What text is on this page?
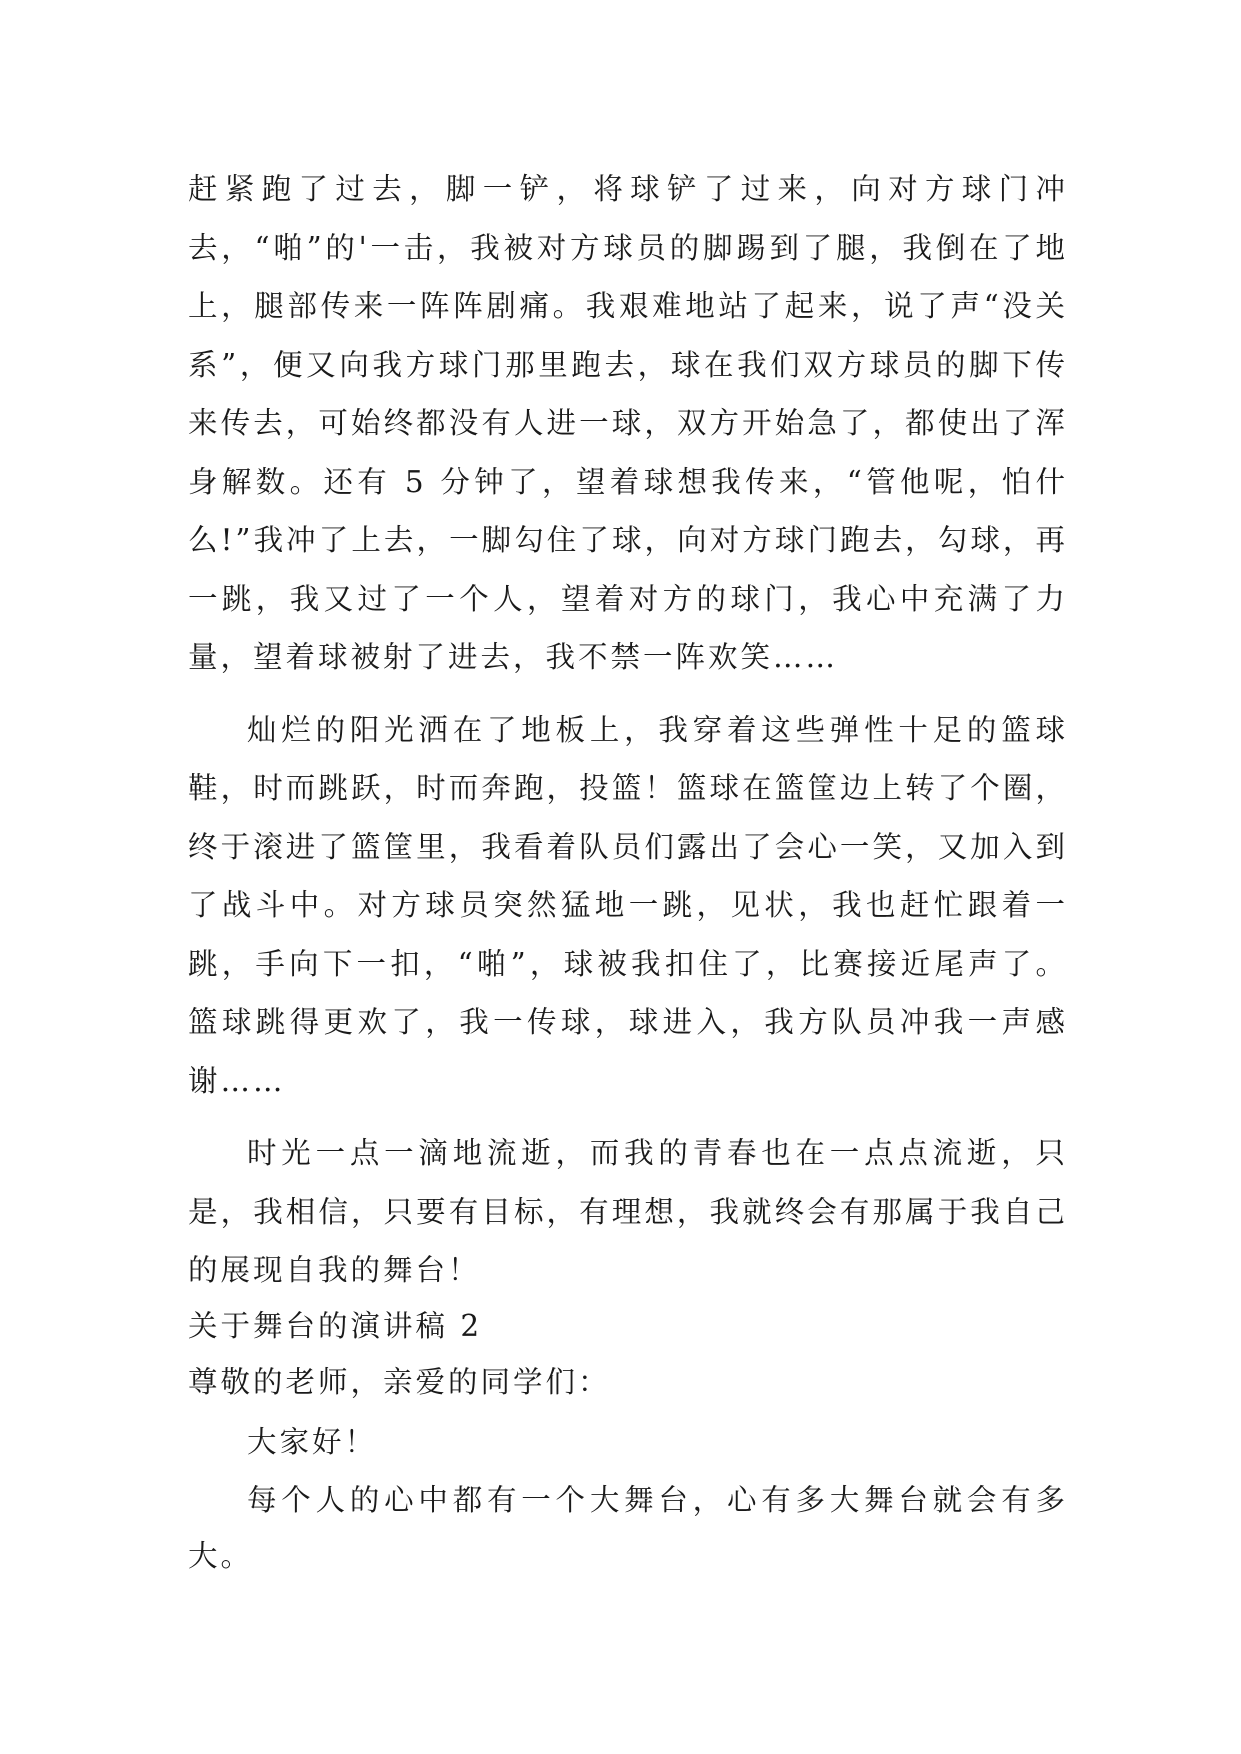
赶紧跑了过去，脚一铲，将球铲了过来，向对方球门冲去，“啪”的'一击，我被对方球员的脚踢到了腿，我倒在了地上，腿部传来一阵阵剧痛。我艰难地站了起来，说了声“没关系”，便又向我方球门那里跑去，球在我们双方球员的脚下传来传去，可始终都没有人进一球，双方开始急了，都使出了浑身解数。还有 5 分钟了，望着球想我传来，“管他呢，怕什么!”我冲了上去，一脚勾住了球，向对方球门跑去，勾球，再一跳，我又过了一个人，望着对方的球门，我心中充满了力量，望着球被射了进去，我不禁一阵欢笑……

灿烂的阳光洒在了地板上，我穿着这些弹性十足的篮球鞋，时而跳跃，时而奔跑，投篮！篮球在篮筐边上转了个圈，终于滚进了篮筐里，我看着队员们露出了会心一笑，又加入到了战斗中。对方球员突然猛地一跳，见状，我也赶忙跟着一跳，手向下一扣，“啪”，球被我扣住了，比赛接近尾声了。篮球跳得更欢了，我一传球，球进入，我方队员冲我一声感谢……

时光一点一滴地流逝，而我的青春也在一点点流逝，只是，我相信，只要有目标，有理想，我就终会有那属于我自己的展现自我的舞台！

关于舞台的演讲稿 2

尊敬的老师，亲爱的同学们：

大家好！

每个人的心中都有一个大舞台，心有多大舞台就会有多大。
